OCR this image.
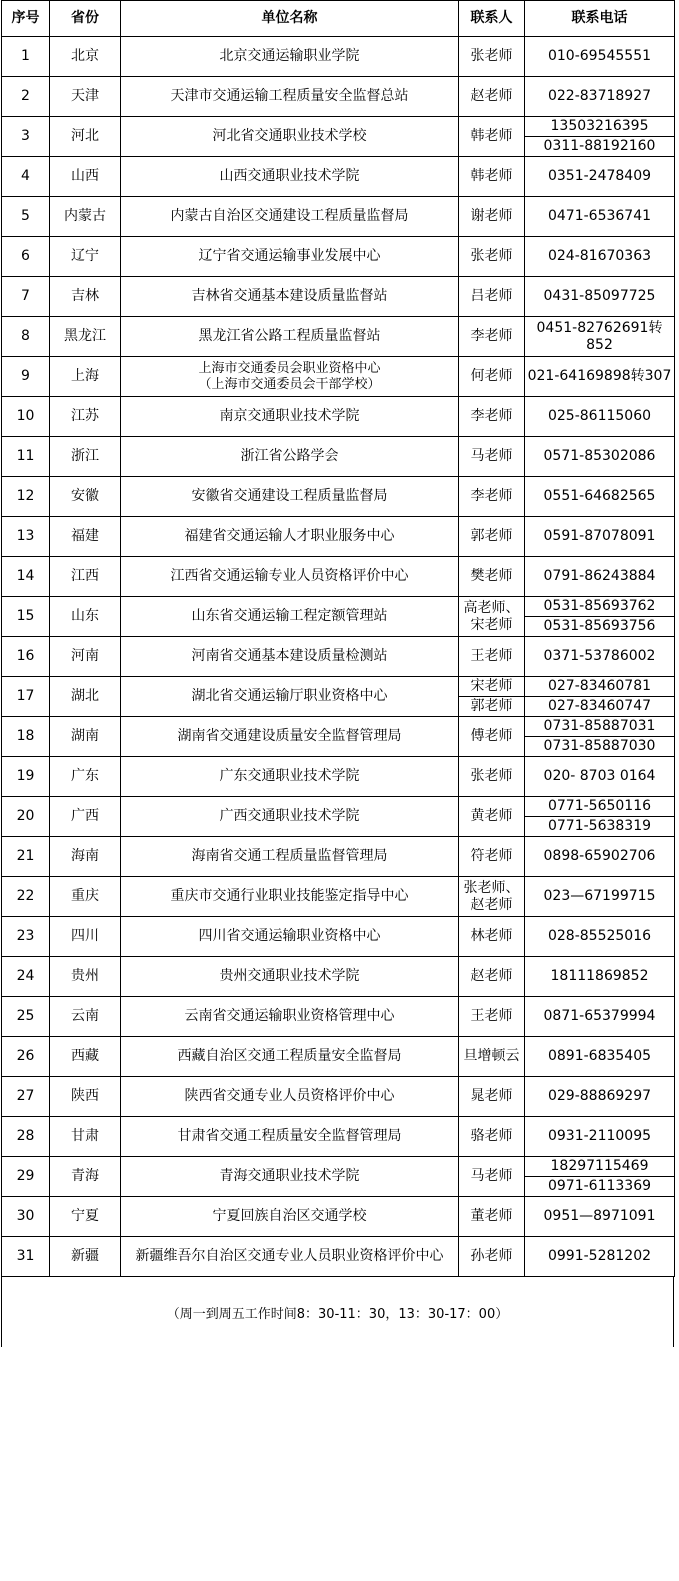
序号	省份	单位名称	联系人	联系电话
1	北京	北京交通运输职业学院	张老师	010-69545551
2	天津	天津市交通运输工程质量安全监督总站	赵老师	022-83718927
3	河北	河北省交通职业技术学校	韩老师	13503216395
				0311-88192160
4	山西	山西交通职业技术学院	韩老师	0351-2478409
5	内蒙古	内蒙古自治区交通建设工程质量监督局	谢老师	0471-6536741
6	辽宁	辽宁省交通运输事业发展中心	张老师	024-81670363
7	吉林	吉林省交通基本建设质量监督站	吕老师	0431-85097725
8	黑龙江	黑龙江省公路工程质量监督站	李老师	0451-82762691转852
9	上海	上海市交通委员会职业资格中心
（上海市交通委员会干部学校）	何老师	021-64169898转307
10	江苏	南京交通职业技术学院	李老师	025-86115060
11	浙江	浙江省公路学会	马老师	0571-85302086
12	安徽	安徽省交通建设工程质量监督局	李老师	0551-64682565
13	福建	福建省交通运输人才职业服务中心	郭老师	0591-87078091
14	江西	江西省交通运输专业人员资格评价中心	樊老师	0791-86243884
15	山东	山东省交通运输工程定额管理站	高老师、
宋老师	0531-85693762
				0531-85693756
16	河南	河南省交通基本建设质量检测站	王老师	0371-53786002
17	湖北	湖北省交通运输厅职业资格中心	宋老师	027-83460781
			郭老师	027-83460747
18	湖南	湖南省交通建设质量安全监督管理局	傅老师	0731-85887031
				0731-85887030
19	广东	广东交通职业技术学院	张老师	020- 8703 0164
20	广西	广西交通职业技术学院	黄老师	0771-5650116
				0771-5638319
21	海南	海南省交通工程质量监督管理局	符老师	0898-65902706
22	重庆	重庆市交通行业职业技能鉴定指导中心	张老师、
赵老师	023—67199715
23	四川	四川省交通运输职业资格中心	林老师	028-85525016
24	贵州	贵州交通职业技术学院	赵老师	18111869852
25	云南	云南省交通运输职业资格管理中心	王老师	0871-65379994
26	西藏	西藏自治区交通工程质量安全监督局	旦增顿云	0891-6835405
27	陕西	陕西省交通专业人员资格评价中心	晁老师	029-88869297
28	甘肃	甘肃省交通工程质量安全监督管理局	骆老师	0931-2110095
29	青海	青海交通职业技术学院	马老师	18297115469
				0971-6113369
30	宁夏	宁夏回族自治区交通学校	董老师	0951—8971091
31	新疆	新疆维吾尔自治区交通专业人员职业资格评价中心	孙老师	0991-5281202
（周一到周五工作时间8：30-11：30，13：30-17：00）
